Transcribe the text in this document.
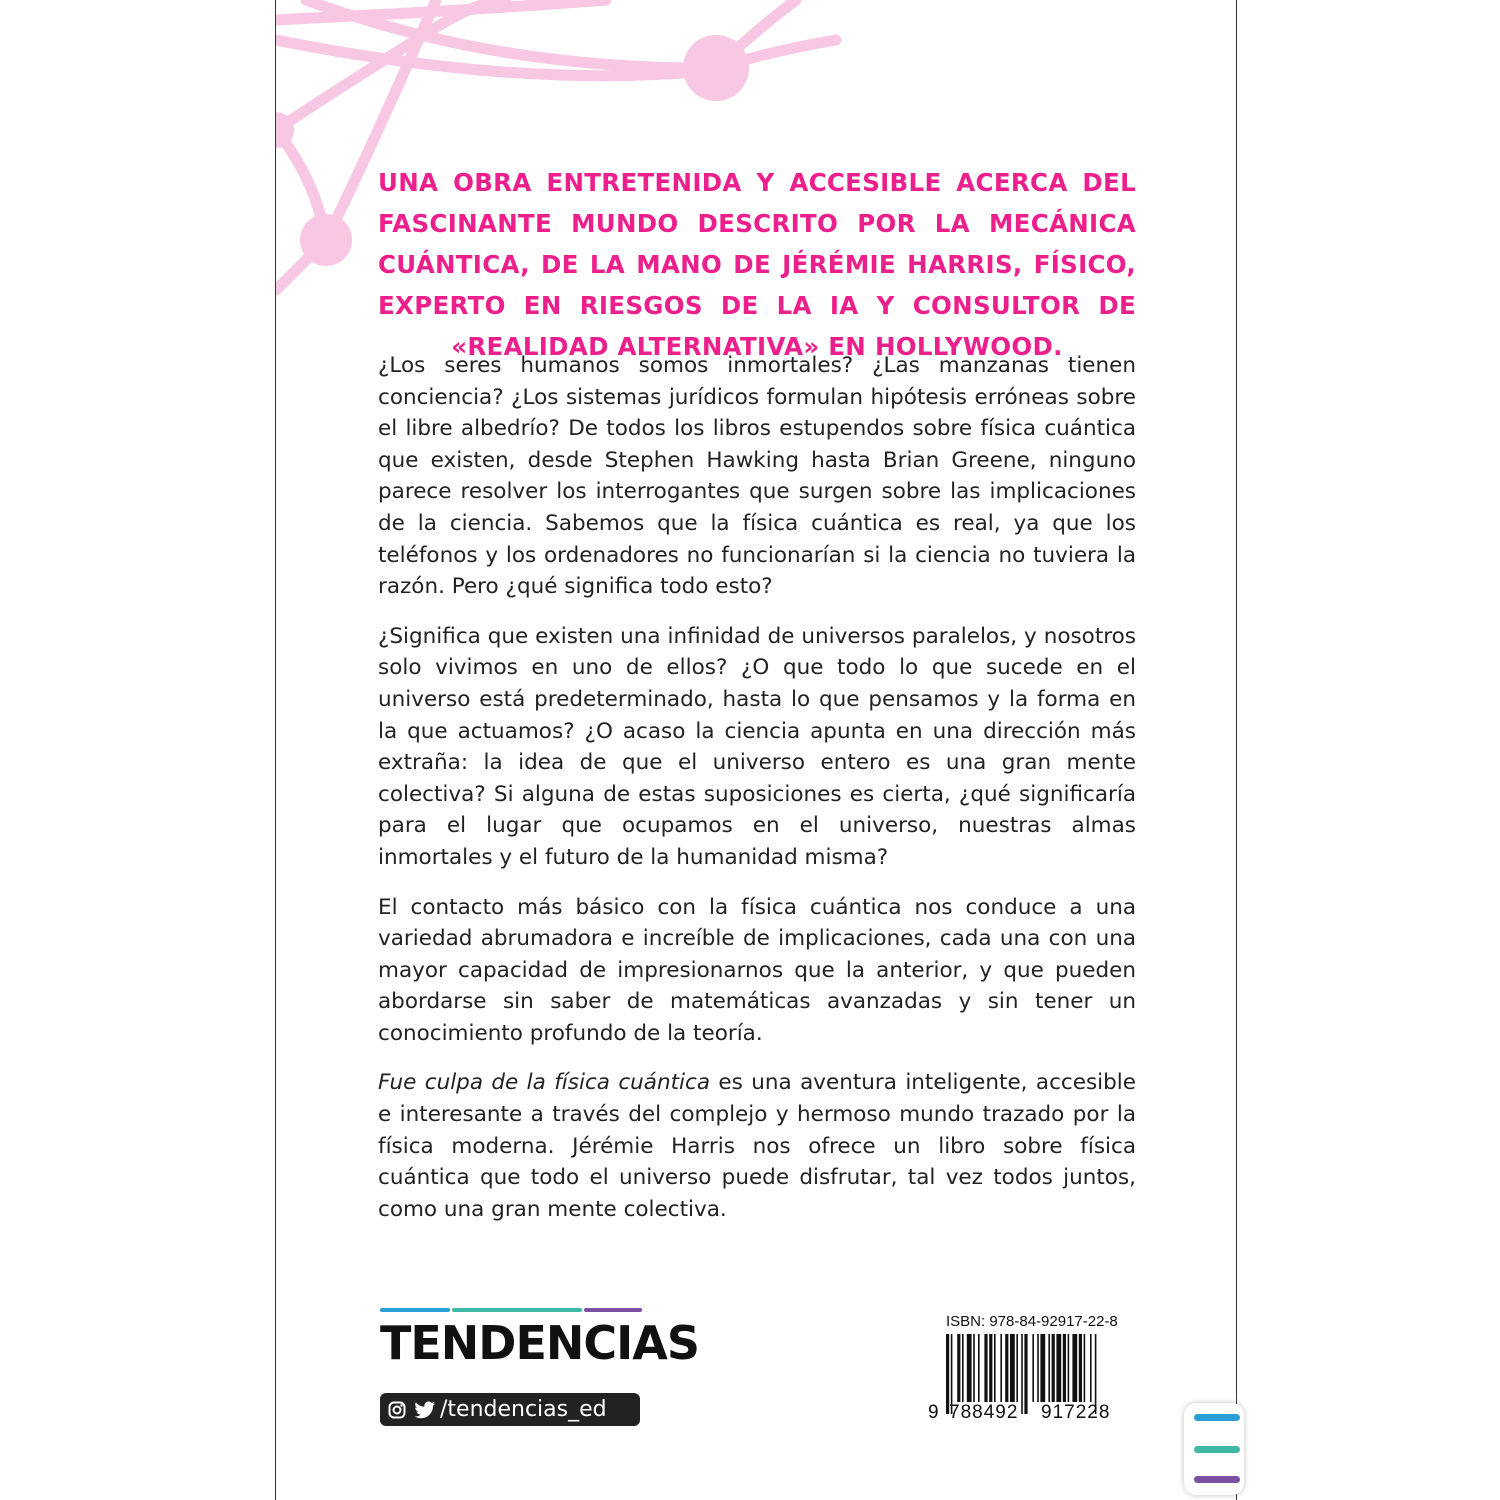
UNA OBRA ENTRETENIDA Y ACCESIBLE ACERCA DEL FASCINANTE MUNDO DESCRITO POR LA MECÁNICA CUÁNTICA, DE LA MANO DE JÉRÉMIE HARRIS, FÍSICO, EXPERTO EN RIESGOS DE LA IA Y CONSULTOR DE «REALIDAD ALTERNATIVA» EN HOLLYWOOD.

¿Los seres humanos somos inmortales? ¿Las manzanas tienen conciencia? ¿Los sistemas jurídicos formulan hipótesis erróneas sobre el libre albedrío? De todos los libros estupendos sobre física cuántica que existen, desde Stephen Hawking hasta Brian Greene, ninguno parece resolver los interrogantes que surgen sobre las implicaciones de la ciencia. Sabemos que la física cuántica es real, ya que los teléfonos y los ordenadores no funcionarían si la ciencia no tuviera la razón. Pero ¿qué significa todo esto?

¿Significa que existen una infinidad de universos paralelos, y nosotros solo vivimos en uno de ellos? ¿O que todo lo que sucede en el universo está predeterminado, hasta lo que pensamos y la forma en la que actuamos? ¿O acaso la ciencia apunta en una dirección más extraña: la idea de que el universo entero es una gran mente colectiva? Si alguna de estas suposiciones es cierta, ¿qué significaría para el lugar que ocupamos en el universo, nuestras almas inmortales y el futuro de la humanidad misma?

El contacto más básico con la física cuántica nos conduce a una variedad abrumadora e increíble de implicaciones, cada una con una mayor capacidad de impresionarnos que la anterior, y que pueden abordarse sin saber de matemáticas avanzadas y sin tener un conocimiento profundo de la teoría.

Fue culpa de la física cuántica es una aventura inteligente, accesible e interesante a través del complejo y hermoso mundo trazado por la física moderna. Jérémie Harris nos ofrece un libro sobre física cuántica que todo el universo puede disfrutar, tal vez todos juntos, como una gran mente colectiva.

TENDENCIAS
/tendencias_ed
ISBN: 978-84-92917-22-8
9 788492 917228
